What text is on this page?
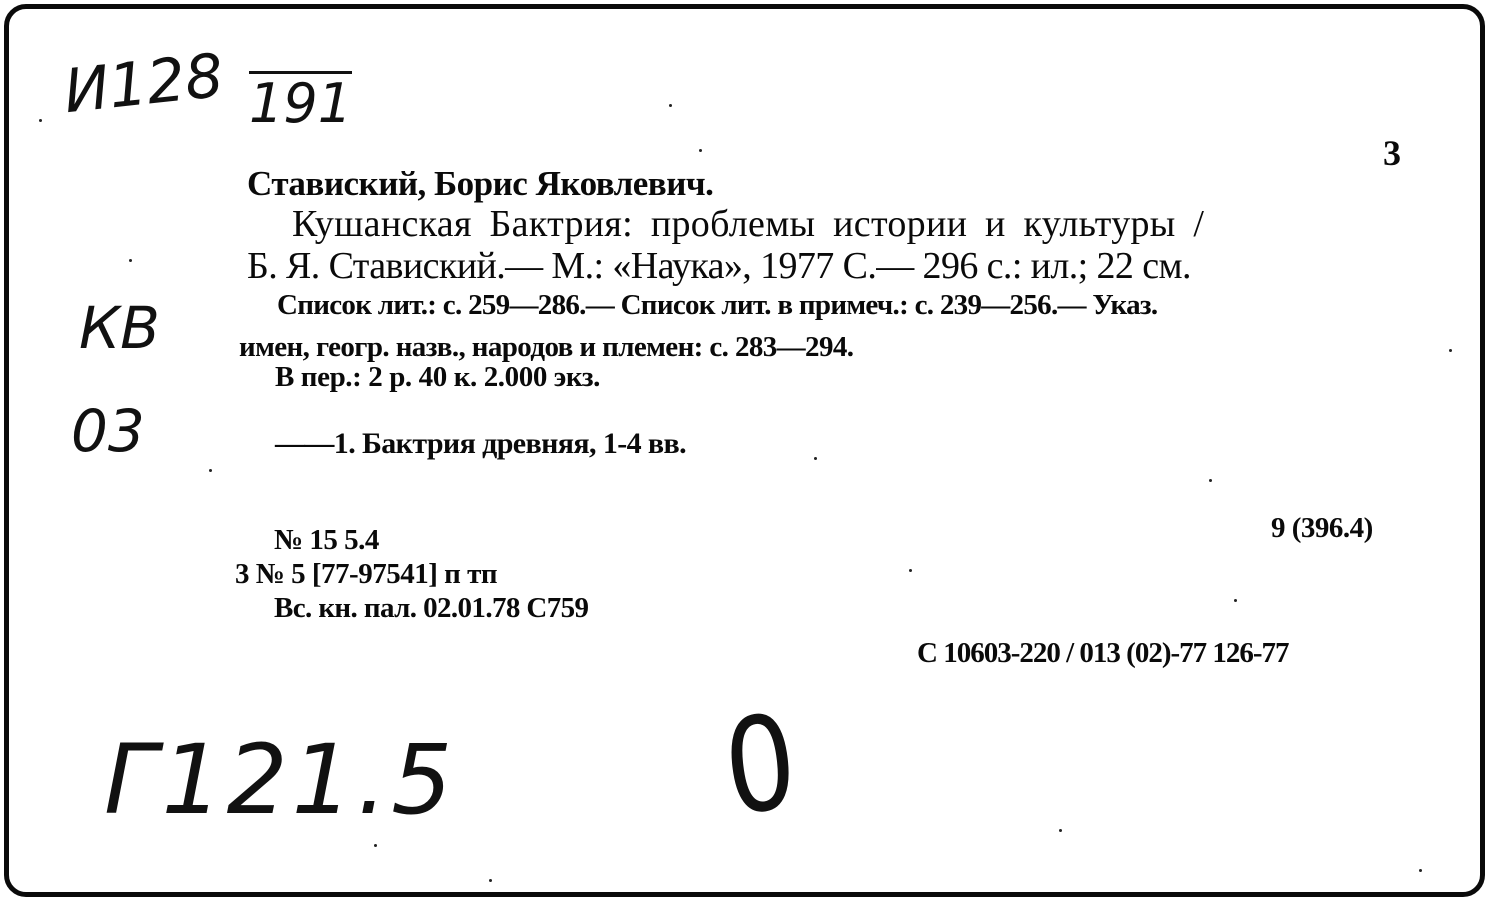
И128 191
КВ
03
Г121.5 0
3
Ставиский, Борис Яковлевич.
Кушанская Бактрия: проблемы истории и культуры /
Б. Я. Ставиский.— М.: «Наука», 1977 С.— 296 с.: ил.; 22 см.
Список лит.: с. 259—286.— Список лит. в примеч.: с. 239—256.— Указ.
имен, геогр. назв., народов и племен: с. 283—294.
В пер.: 2 р. 40 к. 2.000 экз.
——1. Бактрия древняя, 1-4 вв.
9 (396.4)
№ 15 5.4
3 № 5 [77-97541] п тп
Вс. кн. пал. 02.01.78 С759
С 10603-220 / 013 (02)-77 126-77
